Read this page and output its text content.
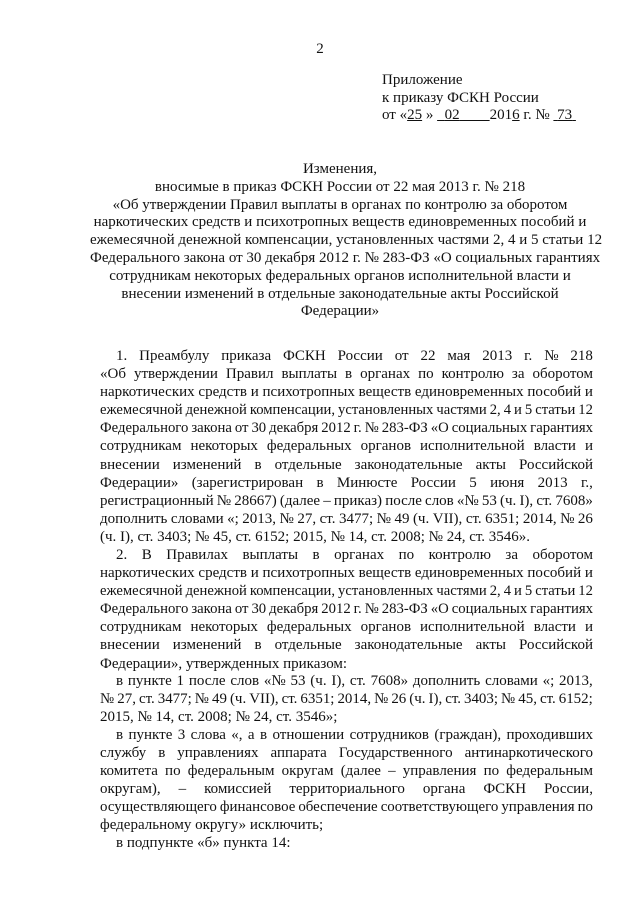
2
Приложение
к приказу ФСКН России
от «25 »   02 2016 г. №  73
Изменения,
вносимые в приказ ФСКН России от 22 мая 2013 г. № 218
«Об утверждении Правил выплаты в органах по контролю за оборотом
наркотических средств и психотропных веществ единовременных пособий и
ежемесячной денежной компенсации, установленных частями 2, 4 и 5 статьи 12
Федерального закона от 30 декабря 2012 г. № 283-ФЗ «О социальных гарантиях
сотрудникам некоторых федеральных органов исполнительной власти и
внесении изменений в отдельные законодательные акты Российской
Федерации»
1. Преамбулу приказа ФСКН России от 22 мая 2013 г. № 218
«Об утверждении Правил выплаты в органах по контролю за оборотом
наркотических средств и психотропных веществ единовременных пособий и
ежемесячной денежной компенсации, установленных частями 2, 4 и 5 статьи 12
Федерального закона от 30 декабря 2012 г. № 283-ФЗ «О социальных гарантиях
сотрудникам некоторых федеральных органов исполнительной власти и
внесении изменений в отдельные законодательные акты Российской
Федерации» (зарегистрирован в Минюсте России 5 июня 2013 г.,
регистрационный № 28667) (далее – приказ) после слов «№ 53 (ч. I), ст. 7608»
дополнить словами «; 2013, № 27, ст. 3477; № 49 (ч. VII), ст. 6351; 2014, № 26
(ч. I), ст. 3403; № 45, ст. 6152; 2015, № 14, ст. 2008; № 24, ст. 3546».
2. В Правилах выплаты в органах по контролю за оборотом
наркотических средств и психотропных веществ единовременных пособий и
ежемесячной денежной компенсации, установленных частями 2, 4 и 5 статьи 12
Федерального закона от 30 декабря 2012 г. № 283-ФЗ «О социальных гарантиях
сотрудникам некоторых федеральных органов исполнительной власти и
внесении изменений в отдельные законодательные акты Российской
Федерации», утвержденных приказом:
в пункте 1 после слов «№ 53 (ч. I), ст. 7608» дополнить словами «; 2013,
№ 27, ст. 3477; № 49 (ч. VII), ст. 6351; 2014, № 26 (ч. I), ст. 3403; № 45, ст. 6152;
2015, № 14, ст. 2008; № 24, ст. 3546»;
в пункте 3 слова «, а в отношении сотрудников (граждан), проходивших
службу в управлениях аппарата Государственного антинаркотического
комитета по федеральным округам (далее – управления по федеральным
округам), – комиссией территориального органа ФСКН России,
осуществляющего финансовое обеспечение соответствующего управления по
федеральному округу» исключить;
в подпункте «б» пункта 14:
